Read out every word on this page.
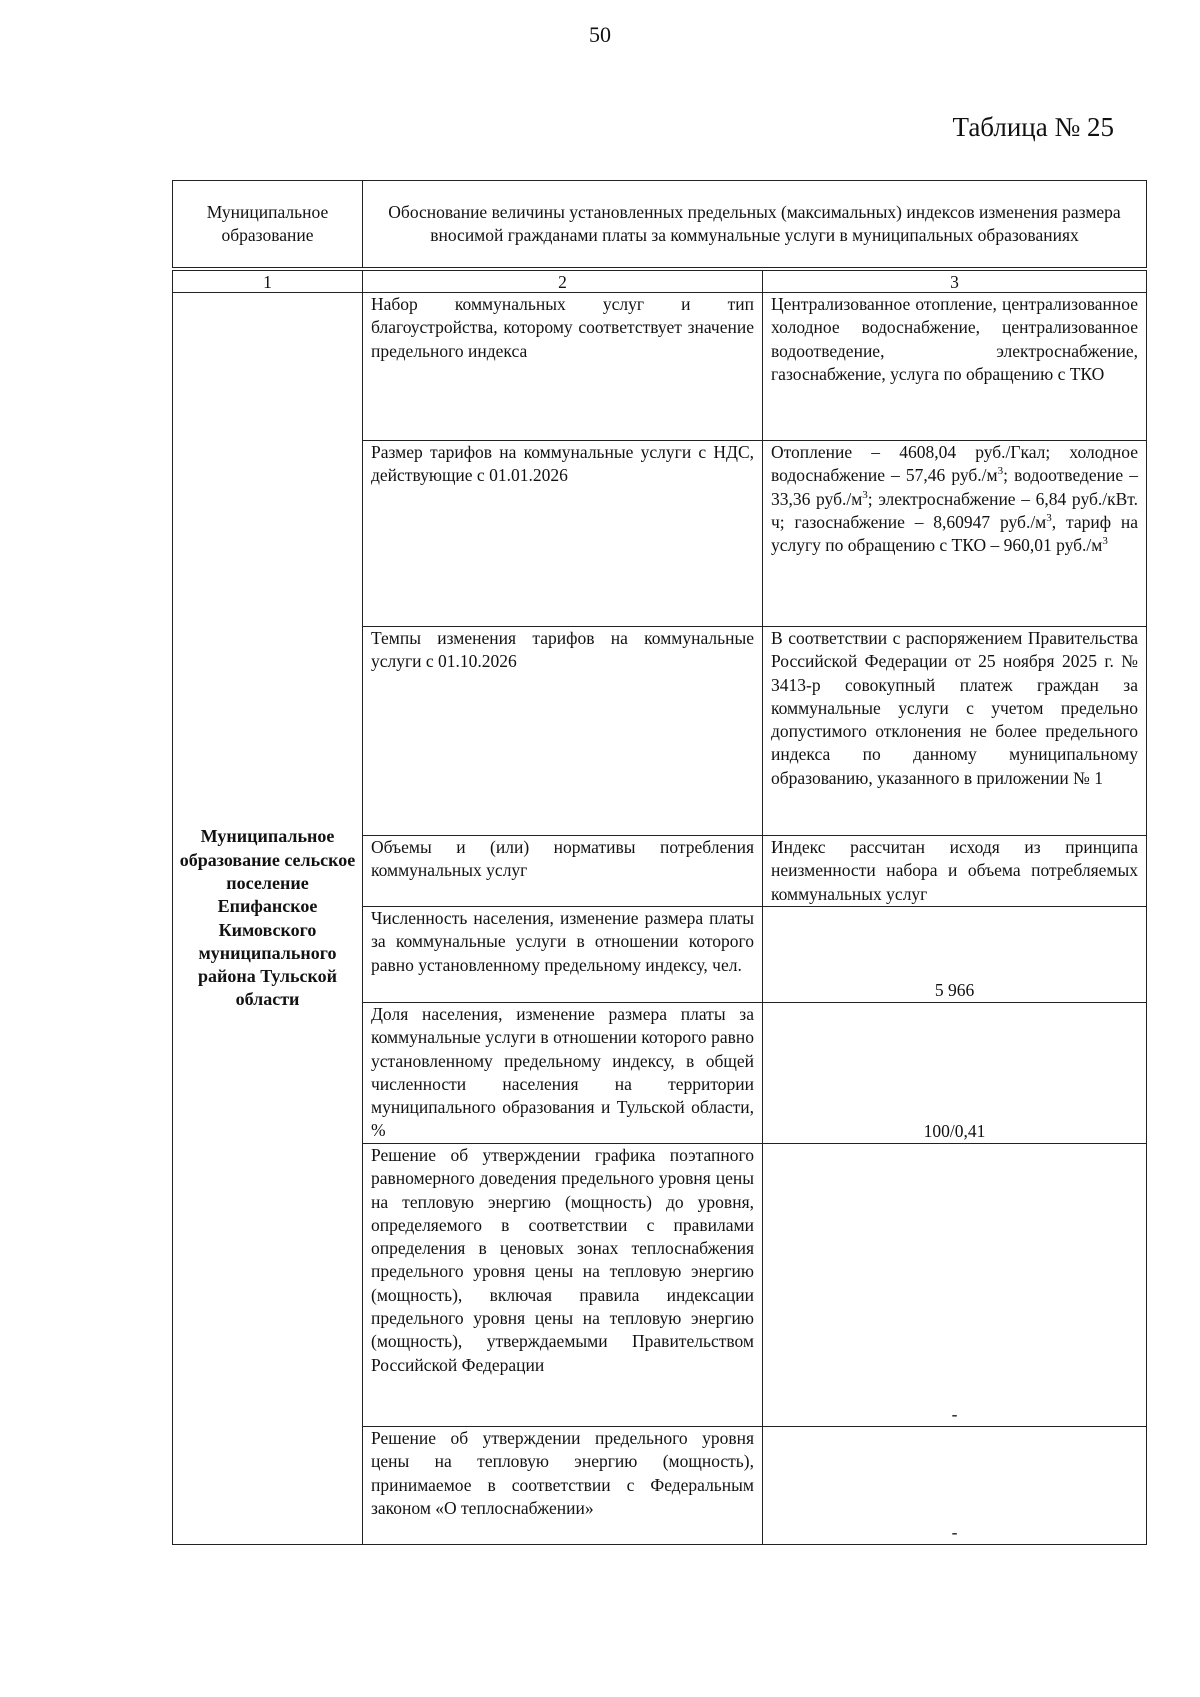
50
Таблица № 25
Муниципальное образование	Обоснование величины установленных предельных (максимальных) индексов изменения размера вносимой гражданами платы за коммунальные услуги в муниципальных образованиях
1	2	3
Муниципальное образование сельское поселение Епифанское Кимовского муниципального района Тульской области	Набор коммунальных услуг и тип благоустройства, которому соответствует значение предельного индекса	Централизованное отопление, централизованное холодное водоснабжение, централизованное водоотведение, электроснабжение, газоснабжение, услуга по обращению с ТКО
	Размер тарифов на коммунальные услуги с НДС, действующие с 01.01.2026	Отопление – 4608,04 руб./Гкал; холодное водоснабжение – 57,46 $руб./м^3$; водоотведение – 33,36 $руб./м^3$; электроснабжение – 6,84 руб./кВт. ч; газоснабжение – 8,60947 $руб./м^3$, тариф на услугу по обращению с ТКО – 960,01 $руб./м^3$
	Темпы изменения тарифов на коммунальные услуги с 01.10.2026	В соответствии с распоряжением Правительства Российской Федерации от 25 ноября 2025 г. № 3413-р совокупный платеж граждан за коммунальные услуги с учетом предельно допустимого отклонения не более предельного индекса по данному муниципальному образованию, указанного в приложении № 1
	Объемы и (или) нормативы потребления коммунальных услуг	Индекс рассчитан исходя из принципа неизменности набора и объема потребляемых коммунальных услуг
	Численность населения, изменение размера платы за коммунальные услуги в отношении которого равно установленному предельному индексу, чел.	5 966
	Доля населения, изменение размера платы за коммунальные услуги в отношении которого равно установленному предельному индексу, в общей численности населения на территории муниципального образования и Тульской области, %	100/0,41
	Решение об утверждении графика поэтапного равномерного доведения предельного уровня цены на тепловую энергию (мощность) до уровня, определяемого в соответствии с правилами определения в ценовых зонах теплоснабжения предельного уровня цены на тепловую энергию (мощность), включая правила индексации предельного уровня цены на тепловую энергию (мощность), утверждаемыми Правительством Российской Федерации	-
	Решение об утверждении предельного уровня цены на тепловую энергию (мощность), принимаемое в соответствии с Федеральным законом «О теплоснабжении»	-
